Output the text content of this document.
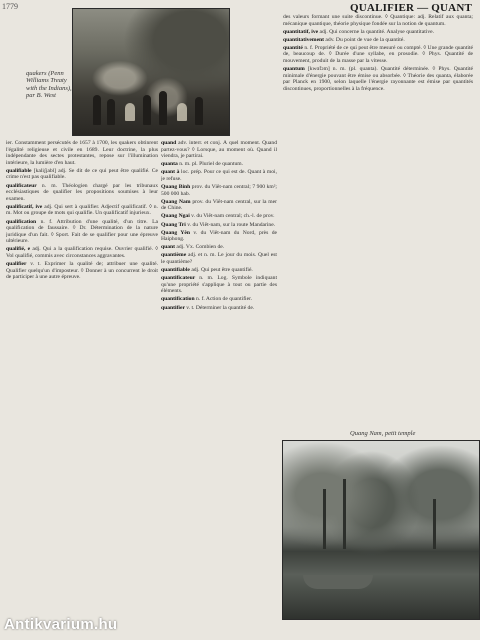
1779	QUALIFIER — QUANT
quakers (Penn Williams Treaty with the Indians), par B. West

ier. Constamment persécutés de 1657 à 1700, les quakers obtinrent l'égalité religieuse et civile en 1689. Leur doctrine, la plus indépendante des sectes protestantes, repose sur l'illumination intérieure, la lumière d'en haut.

qualifiable [kaliʃjabl] adj. Se dit de ce qui peut être qualifié. Ce crime n'est pas qualifiable.

qualificateur n. m. Théologien chargé par les tribunaux ecclésiastiques de qualifier les propositions soumises à leur examen.

qualificatif, ive adj. Qui sert à qualifier. Adjectif qualificatif. ◊ n. m. Mot ou groupe de mots qui qualifie. Un qualificatif injurieux.

qualification n. f. Attribution d'une qualité, d'un titre. La qualification de faussaire. ◊ Dr. Détermination de la nature juridique d'un fait. ◊ Sport. Fait de se qualifier pour une épreuve ultérieure.

qualifié, e adj. Qui a la qualification requise. Ouvrier qualifié. ◊ Vol qualifié, commis avec circonstances aggravantes.

qualifier v. t. Exprimer la qualité de; attribuer une qualité. Qualifier quelqu'un d'imposteur. ◊ Donner à un concurrent le droit de participer à une autre épreuve.

quand adv. interr. et conj. À quel moment. Quand partez-vous? ◊ Lorsque, au moment où. Quand il viendra, je partirai.

quanta n. m. pl. Pluriel de quantum.

quant à loc. prép. Pour ce qui est de. Quant à moi, je refuse.

Quang Binh prov. du Viêt-nam central; 7 900 km²; 500 000 hab.

Quang Nam prov. du Viêt-nam central, sur la mer de Chine.

Quang Ngai v. du Viêt-nam central; ch.-l. de prov.

Quang Tri v. du Viêt-nam, sur la route Mandarine.

Quang Yên v. du Viêt-nam du Nord, près de Haiphong.

quant adj. Vx. Combien de.

quantième adj. et n. m. Le jour du mois. Quel est le quantième?

quantifiable adj. Qui peut être quantifié.

quantificateur n. m. Log. Symbole indiquant qu'une propriété s'applique à tout ou partie des éléments.

quantification n. f. Action de quantifier.

quantifier v. t. Déterminer la quantité de.

des valeurs formant une suite discontinue. ◊ Quantique: adj. Relatif aux quanta; mécanique quantique, théorie physique fondée sur la notion de quantum.

quantitatif, ive adj. Qui concerne la quantité. Analyse quantitative.

quantitativement adv. Du point de vue de la quantité.

quantité n. f. Propriété de ce qui peut être mesuré ou compté. ◊ Une grande quantité de, beaucoup de. ◊ Durée d'une syllabe, en prosodie. ◊ Phys. Quantité de mouvement, produit de la masse par la vitesse.

quantum [kwɑ̃tɔm] n. m. (pl. quanta). Quantité déterminée. ◊ Phys. Quantité minimale d'énergie pouvant être émise ou absorbée. ◊ Théorie des quanta, élaborée par Planck en 1900, selon laquelle l'énergie rayonnante est émise par quantités discontinues, proportionnelles à la fréquence.

Quang Nam, petit temple
Antikvarium.hu
